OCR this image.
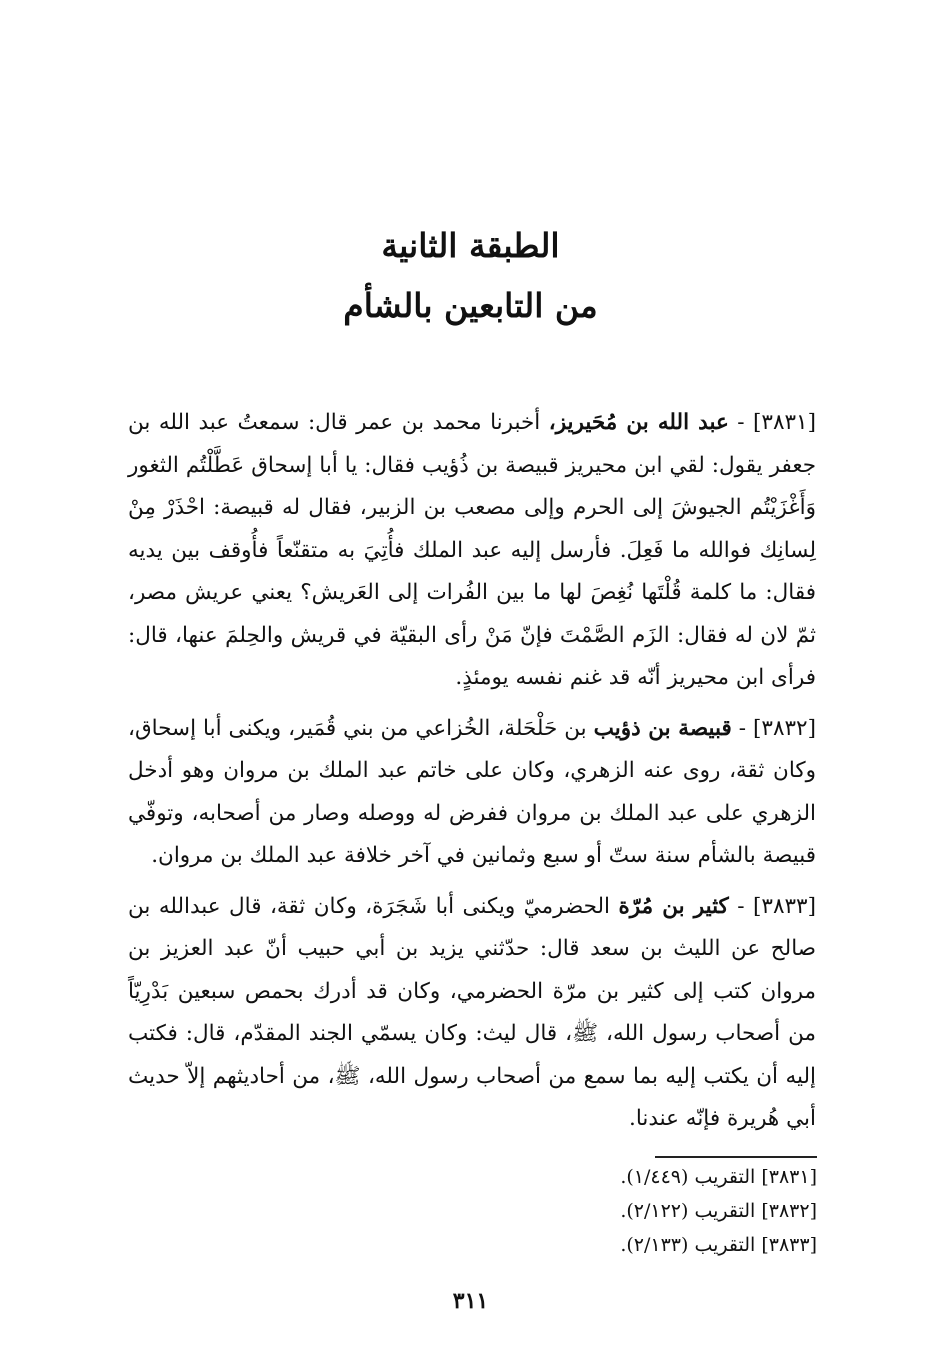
الطبقة الثانية
من التابعين بالشأم

[٣٨٣١] - عبد الله بن مُحَيريز، أخبرنا محمد بن عمر قال: سمعتُ عبد الله بن جعفر يقول: لقي ابن محيريز قبيصة بن ذُؤيب فقال: يا أبا إسحاق عَطَّلْتُم الثغور وَأَغْزَيْتُم الجيوشَ إلى الحرم وإلى مصعب بن الزبير، فقال له قبيصة: احْذَرْ مِنْ لِسانِك فوالله ما فَعِلَ. فأرسل إليه عبد الملك فأُتِيَ به متقنّعاً فأُوقف بين يديه فقال: ما كلمة قُلْتَها نُغِصَ لها ما بين الفُرات إلى العَريش؟ يعني عريش مصر، ثمّ لان له فقال: الزَم الصَّمْتَ فإنّ مَنْ رأى البقيّة في قريش والحِلمَ عنها، قال: فرأى ابن محيريز أنّه قد غنم نفسه يومئذٍ.

[٣٨٣٢] - قبيصة بن ذؤيب بن حَلْحَلة، الخُزاعي من بني قُمَير، ويكنى أبا إسحاق، وكان ثقة، روى عنه الزهري، وكان على خاتم عبد الملك بن مروان وهو أدخل الزهري على عبد الملك بن مروان ففرض له ووصله وصار من أصحابه، وتوفّي قبيصة بالشأم سنة ستّ أو سبع وثمانين في آخر خلافة عبد الملك بن مروان.

[٣٨٣٣] - كثير بن مُرّة الحضرميّ ويكنى أبا شَجَرَة، وكان ثقة، قال عبدالله بن صالح عن الليث بن سعد قال: حدّثني يزيد بن أبي حبيب أنّ عبد العزيز بن مروان كتب إلى كثير بن مرّة الحضرمي، وكان قد أدرك بحمص سبعين بَدْرِيّاً من أصحاب رسول الله، ﷺ، قال ليث: وكان يسمّي الجند المقدّم، قال: فكتب إليه أن يكتب إليه بما سمع من أصحاب رسول الله، ﷺ، من أحاديثهم إلاّ حديث أبي هُريرة فإنّه عندنا.

[٣٨٣١] التقريب (١/٤٤٩).

[٣٨٣٢] التقريب (٢/١٢٢).

[٣٨٣٣] التقريب (٢/١٣٣).

٣١١
